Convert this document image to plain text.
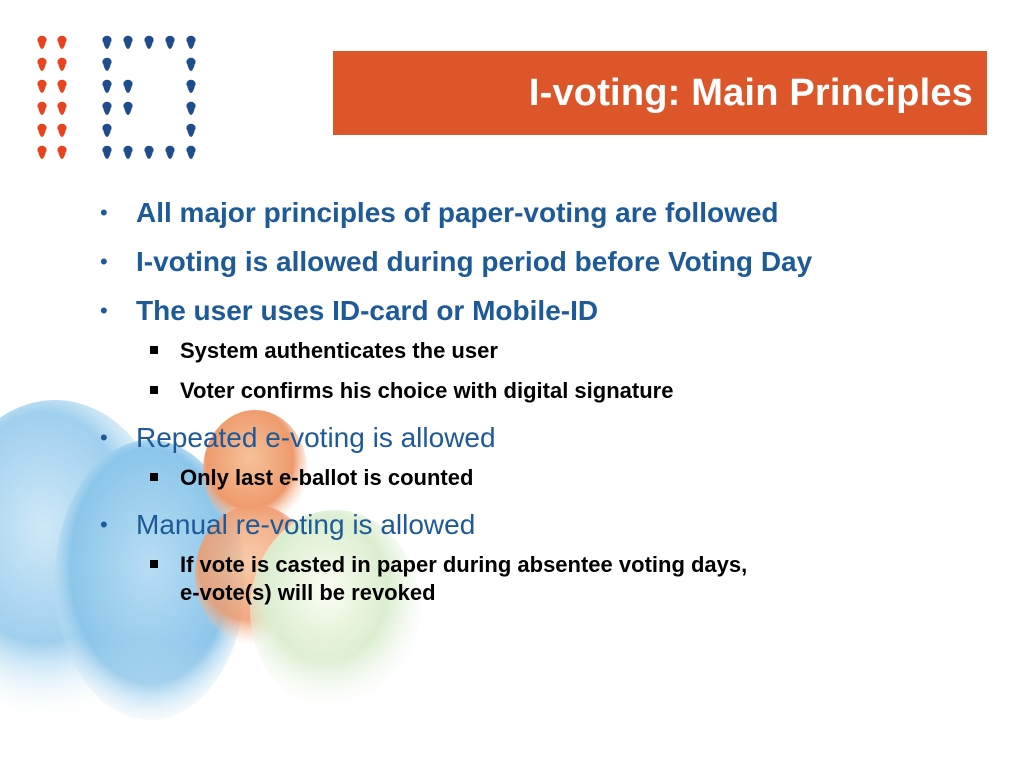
I-voting: Main Principles
• All major principles of paper-voting are followed
• I-voting is allowed during period before Voting Day
• The user uses ID-card or Mobile-ID
System authenticates the user
Voter confirms his choice with digital signature
• Repeated e-voting is allowed
Only last e-ballot is counted
• Manual re-voting is allowed
If vote is casted in paper during absentee voting days,
e-vote(s) will be revoked
